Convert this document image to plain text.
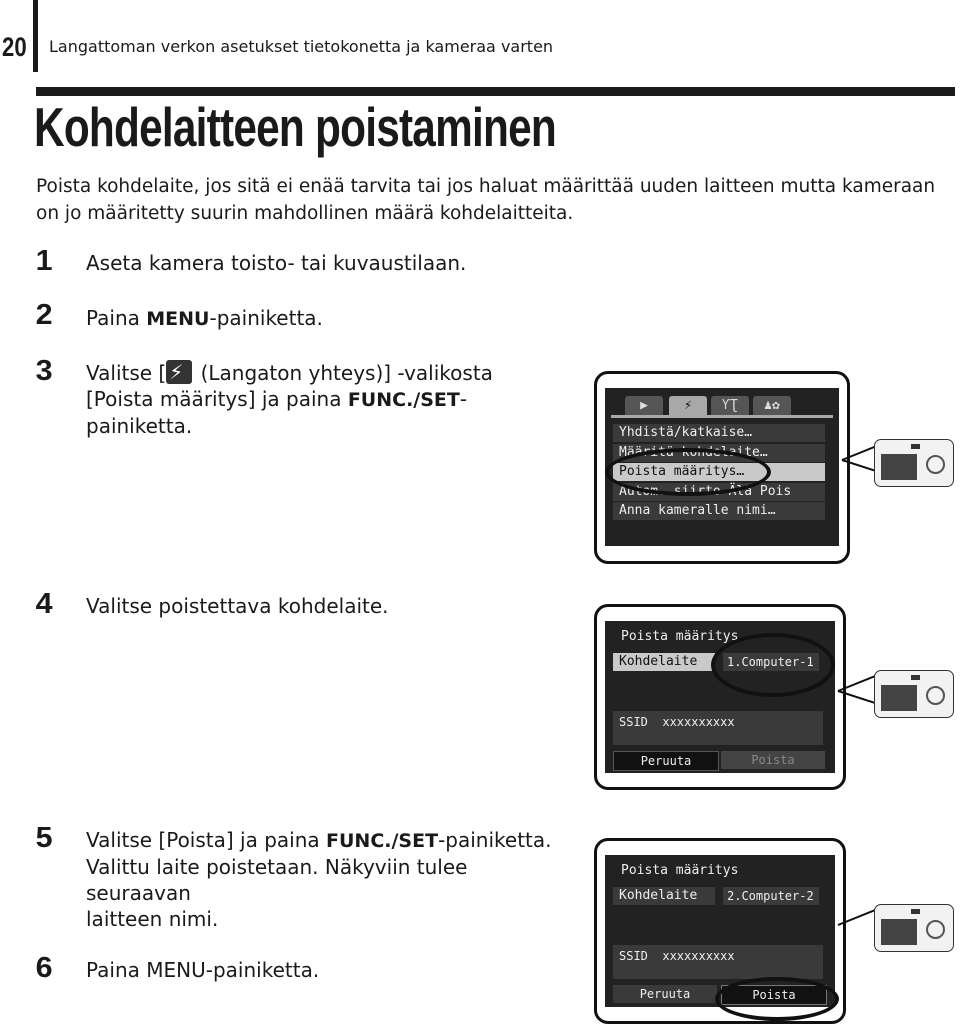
20 Langattoman verkon asetukset tietokonetta ja kameraa varten
Kohdelaitteen poistaminen
Poista kohdelaite, jos sitä ei enää tarvita tai jos haluat määrittää uuden laitteen mutta kameraan on jo määritetty suurin mahdollinen määrä kohdelaitteita.
1 Aseta kamera toisto- tai kuvaustilaan.
2 Paina MENU-painiketta.
3 Valitse [ ⚡ (Langaton yhteys)] -valikosta
[Poista määritys] ja paina FUNC./SET-
painiketta.
▶	⚡	ƳƮ	♟✿
Yhdistä/katkaise…
Määritä kohdelaite…
Poista määritys…
Autom. siirto Älä Pois
Anna kameralle nimi…
4 Valitse poistettava kohdelaite.
Poista määritys
Kohdelaite	1.Computer-1
SSID xxxxxxxxxx
Peruuta	Poista
5 Valitse [Poista] ja paina FUNC./SET-painiketta.
Valittu laite poistetaan. Näkyviin tulee seuraavan
laitteen nimi.
6 Paina MENU-painiketta.
Poista määritys
Kohdelaite	2.Computer-2
SSID xxxxxxxxxx
Peruuta	Poista
